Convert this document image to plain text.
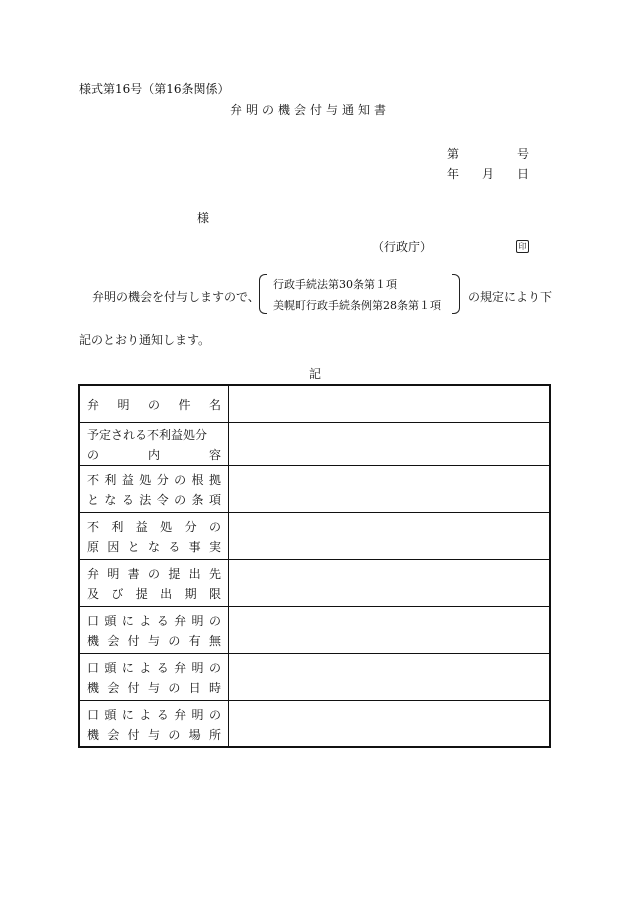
様式第16号（第16条関係）
弁明の機会付与通知書
第	号
年 月 日
様
（行政庁）	印
弁明の機会を付与しますので、
行政手続法第30条第１項
美幌町行政手続条例第28条第１項
の規定により下
記のとおり通知します。
記
弁 明 の 件 名
予定される不利益処分
の	内	容
不 利 益 処 分 の 根 拠
と な る 法 令 の 条 項
不 利 益 処 分 の
原 因 と な る 事 実
弁 明 書 の 提 出 先
及 び 提 出 期 限
口 頭 に よ る 弁 明 の
機 会 付 与 の 有 無
口 頭 に よ る 弁 明 の
機 会 付 与 の 日 時
口 頭 に よ る 弁 明 の
機 会 付 与 の 場 所
